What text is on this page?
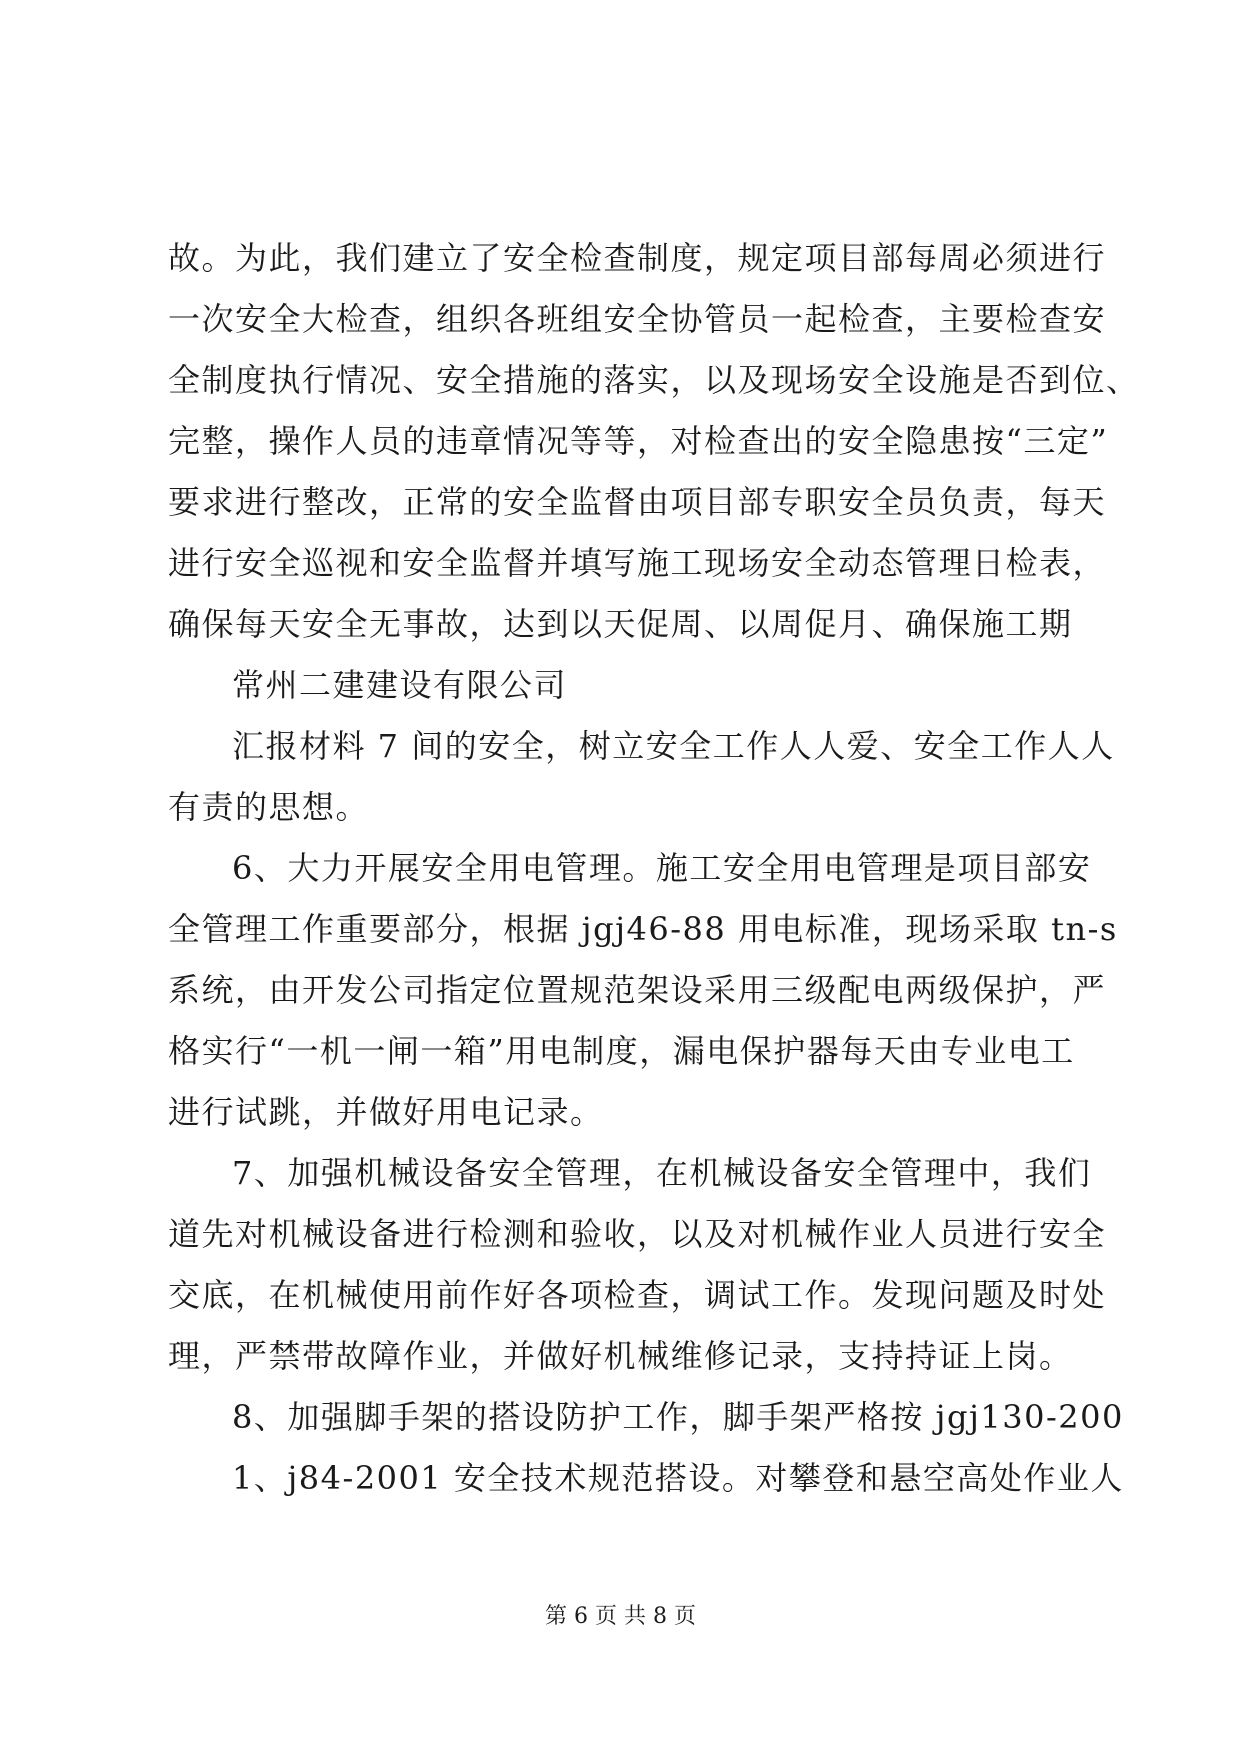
故。为此，我们建立了安全检查制度，规定项目部每周必须进行
一次安全大检查，组织各班组安全协管员一起检查，主要检查安
全制度执行情况、安全措施的落实，以及现场安全设施是否到位、
完整，操作人员的违章情况等等，对检查出的安全隐患按“三定”
要求进行整改，正常的安全监督由项目部专职安全员负责，每天
进行安全巡视和安全监督并填写施工现场安全动态管理日检表，
确保每天安全无事故，达到以天促周、以周促月、确保施工期
常州二建建设有限公司
汇报材料 7 间的安全，树立安全工作人人爱、安全工作人人
有责的思想。
6、大力开展安全用电管理。施工安全用电管理是项目部安
全管理工作重要部分，根据 jgj46-88 用电标准，现场采取 tn-s
系统，由开发公司指定位置规范架设采用三级配电两级保护，严
格实行“一机一闸一箱”用电制度，漏电保护器每天由专业电工
进行试跳，并做好用电记录。
7、加强机械设备安全管理，在机械设备安全管理中，我们
道先对机械设备进行检测和验收，以及对机械作业人员进行安全
交底，在机械使用前作好各项检查，调试工作。发现问题及时处
理，严禁带故障作业，并做好机械维修记录，支持持证上岗。
8、加强脚手架的搭设防护工作，脚手架严格按 jgj130-200
1、j84-2001 安全技术规范搭设。对攀登和悬空高处作业人
第 6 页 共 8 页
